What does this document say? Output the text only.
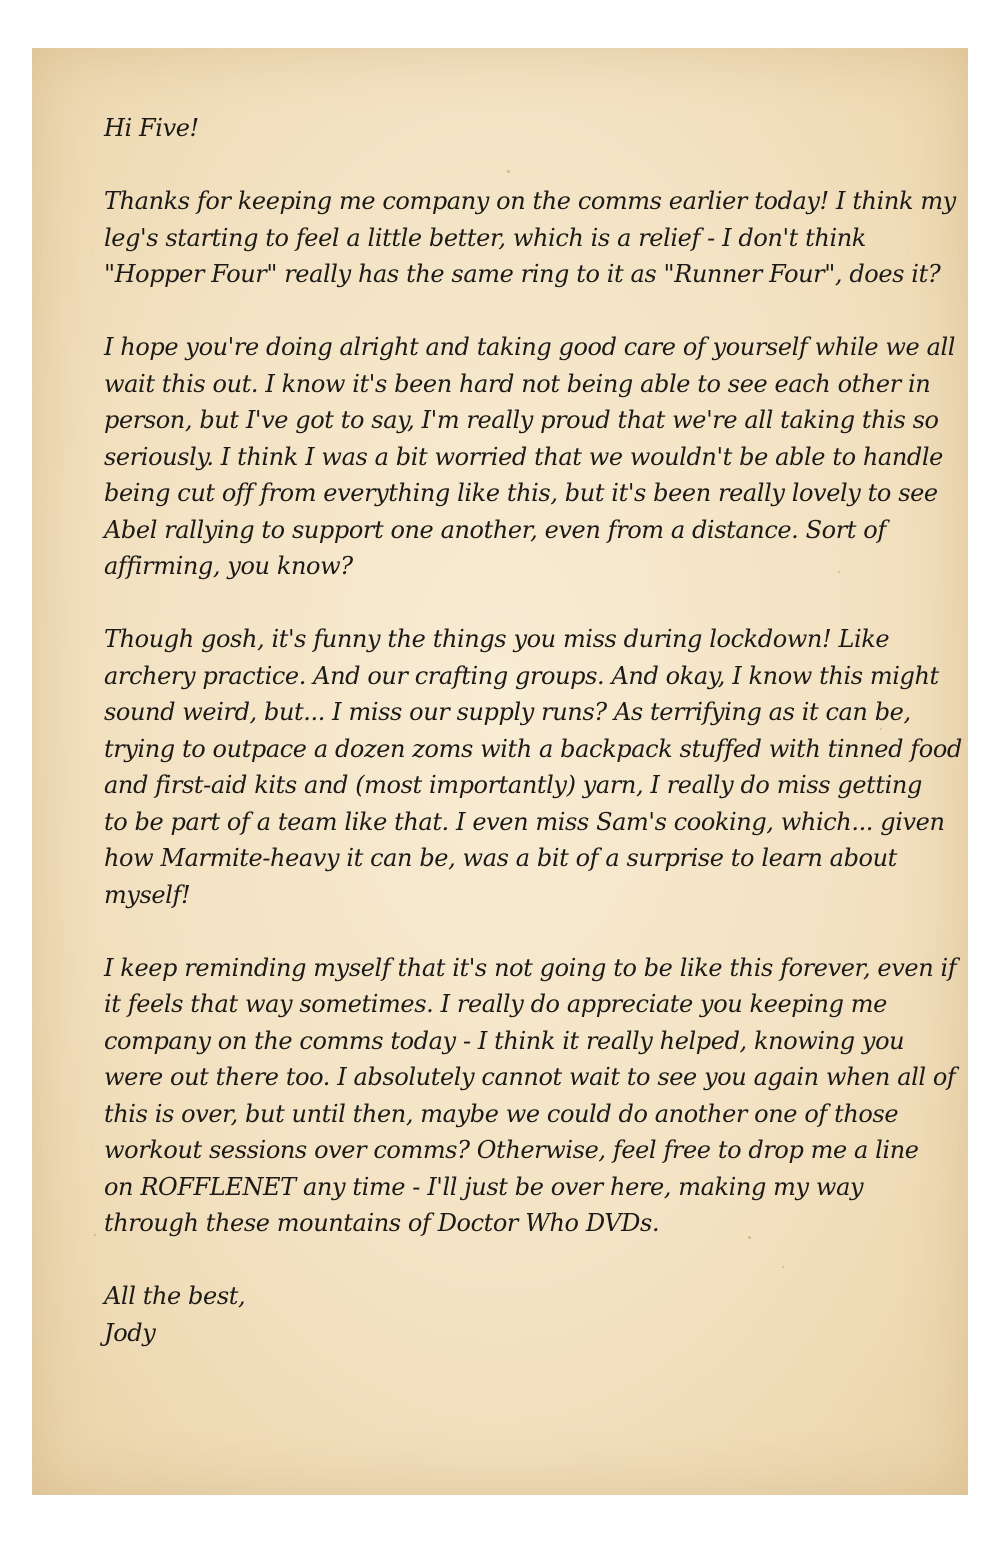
Hi Five!
Thanks for keeping me company on the comms earlier today! I think my
leg's starting to feel a little better, which is a relief - I don't think
"Hopper Four" really has the same ring to it as "Runner Four", does it?
I hope you're doing alright and taking good care of yourself while we all
wait this out. I know it's been hard not being able to see each other in
person, but I've got to say, I'm really proud that we're all taking this so
seriously. I think I was a bit worried that we wouldn't be able to handle
being cut off from everything like this, but it's been really lovely to see
Abel rallying to support one another, even from a distance. Sort of
affirming, you know?
Though gosh, it's funny the things you miss during lockdown! Like
archery practice. And our crafting groups. And okay, I know this might
sound weird, but... I miss our supply runs? As terrifying as it can be,
trying to outpace a dozen zoms with a backpack stuffed with tinned food
and first-aid kits and (most importantly) yarn, I really do miss getting
to be part of a team like that. I even miss Sam's cooking, which... given
how Marmite-heavy it can be, was a bit of a surprise to learn about
myself!
I keep reminding myself that it's not going to be like this forever, even if
it feels that way sometimes. I really do appreciate you keeping me
company on the comms today - I think it really helped, knowing you
were out there too. I absolutely cannot wait to see you again when all of
this is over, but until then, maybe we could do another one of those
workout sessions over comms? Otherwise, feel free to drop me a line
on ROFFLENET any time - I'll just be over here, making my way
through these mountains of Doctor Who DVDs.
All the best,
Jody
